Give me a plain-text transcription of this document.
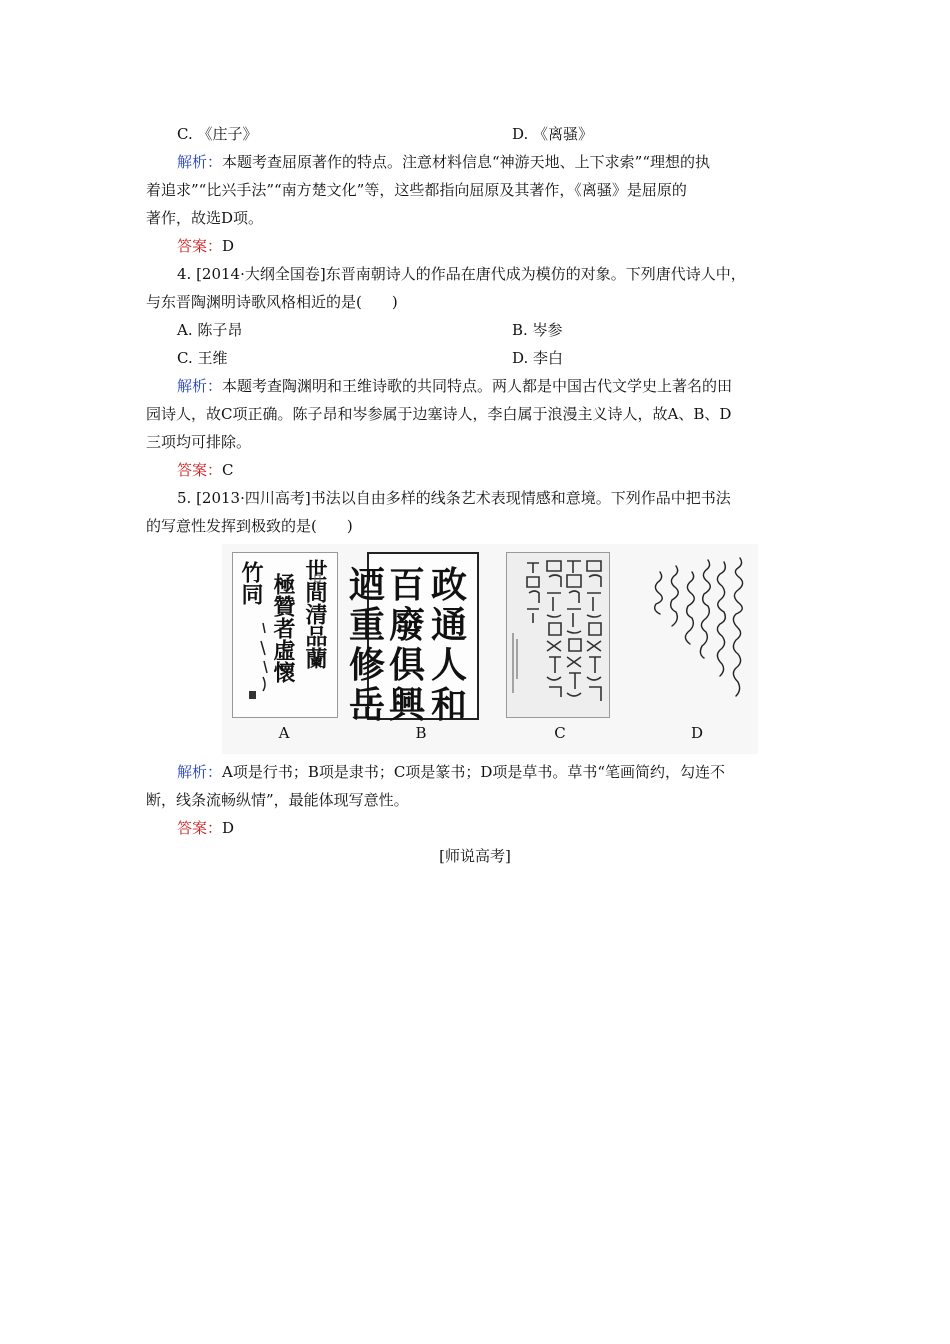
C. 《庄子》	D. 《离骚》
解析：本题考查屈原著作的特点。注意材料信息“神游天地、上下求索”“理想的执
着追求”“比兴手法”“南方楚文化”等，这些都指向屈原及其著作，《离骚》是屈原的
著作，故选D项。
答案：D
4. [2014·大纲全国卷]东晋南朝诗人的作品在唐代成为模仿的对象。下列唐代诗人中，
与东晋陶渊明诗歌风格相近的是(　　)
A. 陈子昂	B. 岑参
C. 王维	D. 李白
解析：本题考查陶渊明和王维诗歌的共同特点。两人都是中国古代文学史上著名的田
园诗人，故C项正确。陈子昂和岑参属于边塞诗人，李白属于浪漫主义诗人，故A、B、D
三项均可排除。
答案：C
5. [2013·四川高考]书法以自由多样的线条艺术表现情感和意境。下列作品中把书法
的写意性发挥到极致的是(　　)
世間清品蘭
極贊者虛懷
竹同	政
通
人
和
百
廢
俱
興
迺
重
修
岳
A	B	C	D
解析：A项是行书；B项是隶书；C项是篆书；D项是草书。草书“笔画简约，勾连不
断，线条流畅纵情”，最能体现写意性。
答案：D
[师说高考]
